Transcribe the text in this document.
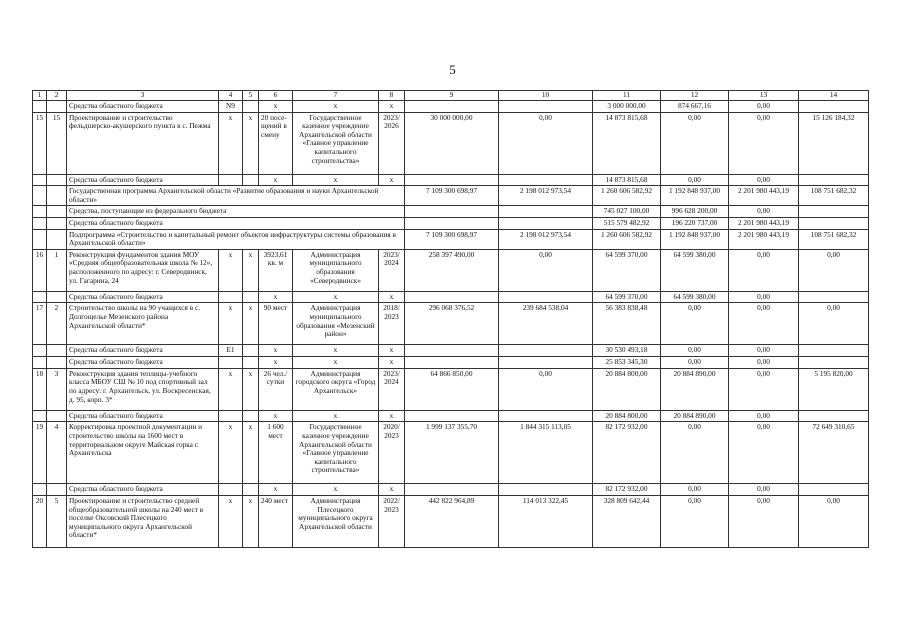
5
1	2	3	4	5	6	7	8	9	10	11	12	13	14
		Средства областного бюджета	N9		x	x	x			3 000 000,00	874 667,16	0,00	
15	15	Проектирование и строительство фельдшерско-акушерского пункта в с. Пежма	x	x	20 посе-щений в смену	Государственное казенное учреждение Архангельской области «Главное управление капитального строительства»	2023/ 2026	30 000 000,00	0,00	14 873 815,68	0,00	0,00	15 126 184,32
		Средства областного бюджета			x	x	x			14 873 815,68	0,00	0,00	
		Государственная программа Архангельской области «Развитие образования и науки Архангельской области»						7 109 300 698,97	2 198 012 973,54	1 260 606 582,92	1 192 848 937,00	2 201 980 443,19	108 751 682,32
		Средства, поступающие из федерального бюджета								745 027 100,00	996 628 200,00	0,00	
		Средства областного бюджета								515 579 482,92	196 220 737,00	2 201 980 443,19	
		Подпрограмма «Строительство и капитальный ремонт объектов инфраструктуры системы образования в Архангельской области»						7 109 300 698,97	2 198 012 973,54	1 260 606 582,92	1 192 848 937,00	2 201 980 443,19	108 751 682,32
16	1	Реконструкция фундаментов здания МОУ «Средняя общеобразовательная школа № 12», расположенного по адресу: г. Северодвинск, ул. Гагарина, 24	x	x	3923,61 кв. м	Администрация муниципального образования «Северодвинск»	2023/ 2024	258 397 490,00	0,00	64 599 370,00	64 599 380,00	0,00	0,00
		Средства областного бюджета			x	x	x			64 599 370,00	64 599 380,00	0,00	
17	2	Строительство школы на 90 учащихся в с. Долгощелье Мезенского района Архангельской области*	x	x	90 мест	Администрация муниципального образования «Мезенский район»	2018/ 2023	296 068 376,52	239 684 538,04	56 383 838,48	0,00	0,00	0,00
		Средства областного бюджета	E1		x	x	x			30 530 493,18	0,00	0,00	
		Средства областного бюджета			x	x	x			25 853 345,30	0,00	0,00	
18	3	Реконструкция здания теплицы-учебного класса МБОУ СШ № 10 под спортивный зал по адресу: г. Архангельск, ул. Воскресенская, д. 95, корп. 3*	x	x	26 чел./сутки	Администрация городского округа «Город Архангельск»	2023/ 2024	64 866 850,00	0,00	20 884 800,00	20 884 890,00	0,00	5 195 820,00
		Средства областного бюджета			x	x	x			20 884 800,00	20 884 890,00	0,00	
19	4	Корректировка проектной документации и строительство школы на 1600 мест в территориальном округе Майская горка г. Архангельска	x	x	1 600 мест	Государственное казенное учреждение Архангельской области «Главное управление капитального строительства»	2020/ 2023	1 999 137 355,70	1 844 315 113,05	82 172 932,00	0,00	0,00	72 649 310,65
		Средства областного бюджета			x	x	x			82 172 932,00	0,00	0,00	
20	5	Проектирование и строительство средней общеобразовательной школы на 240 мест в поселке Оксовский Плесецкого муниципального округа Архангельской области*	x	x	240 мест	Администрация Плесецкого муниципального округа Архангельской области	2022/ 2023	442 822 964,89	114 013 322,45	328 809 642,44	0,00	0,00	0,00
